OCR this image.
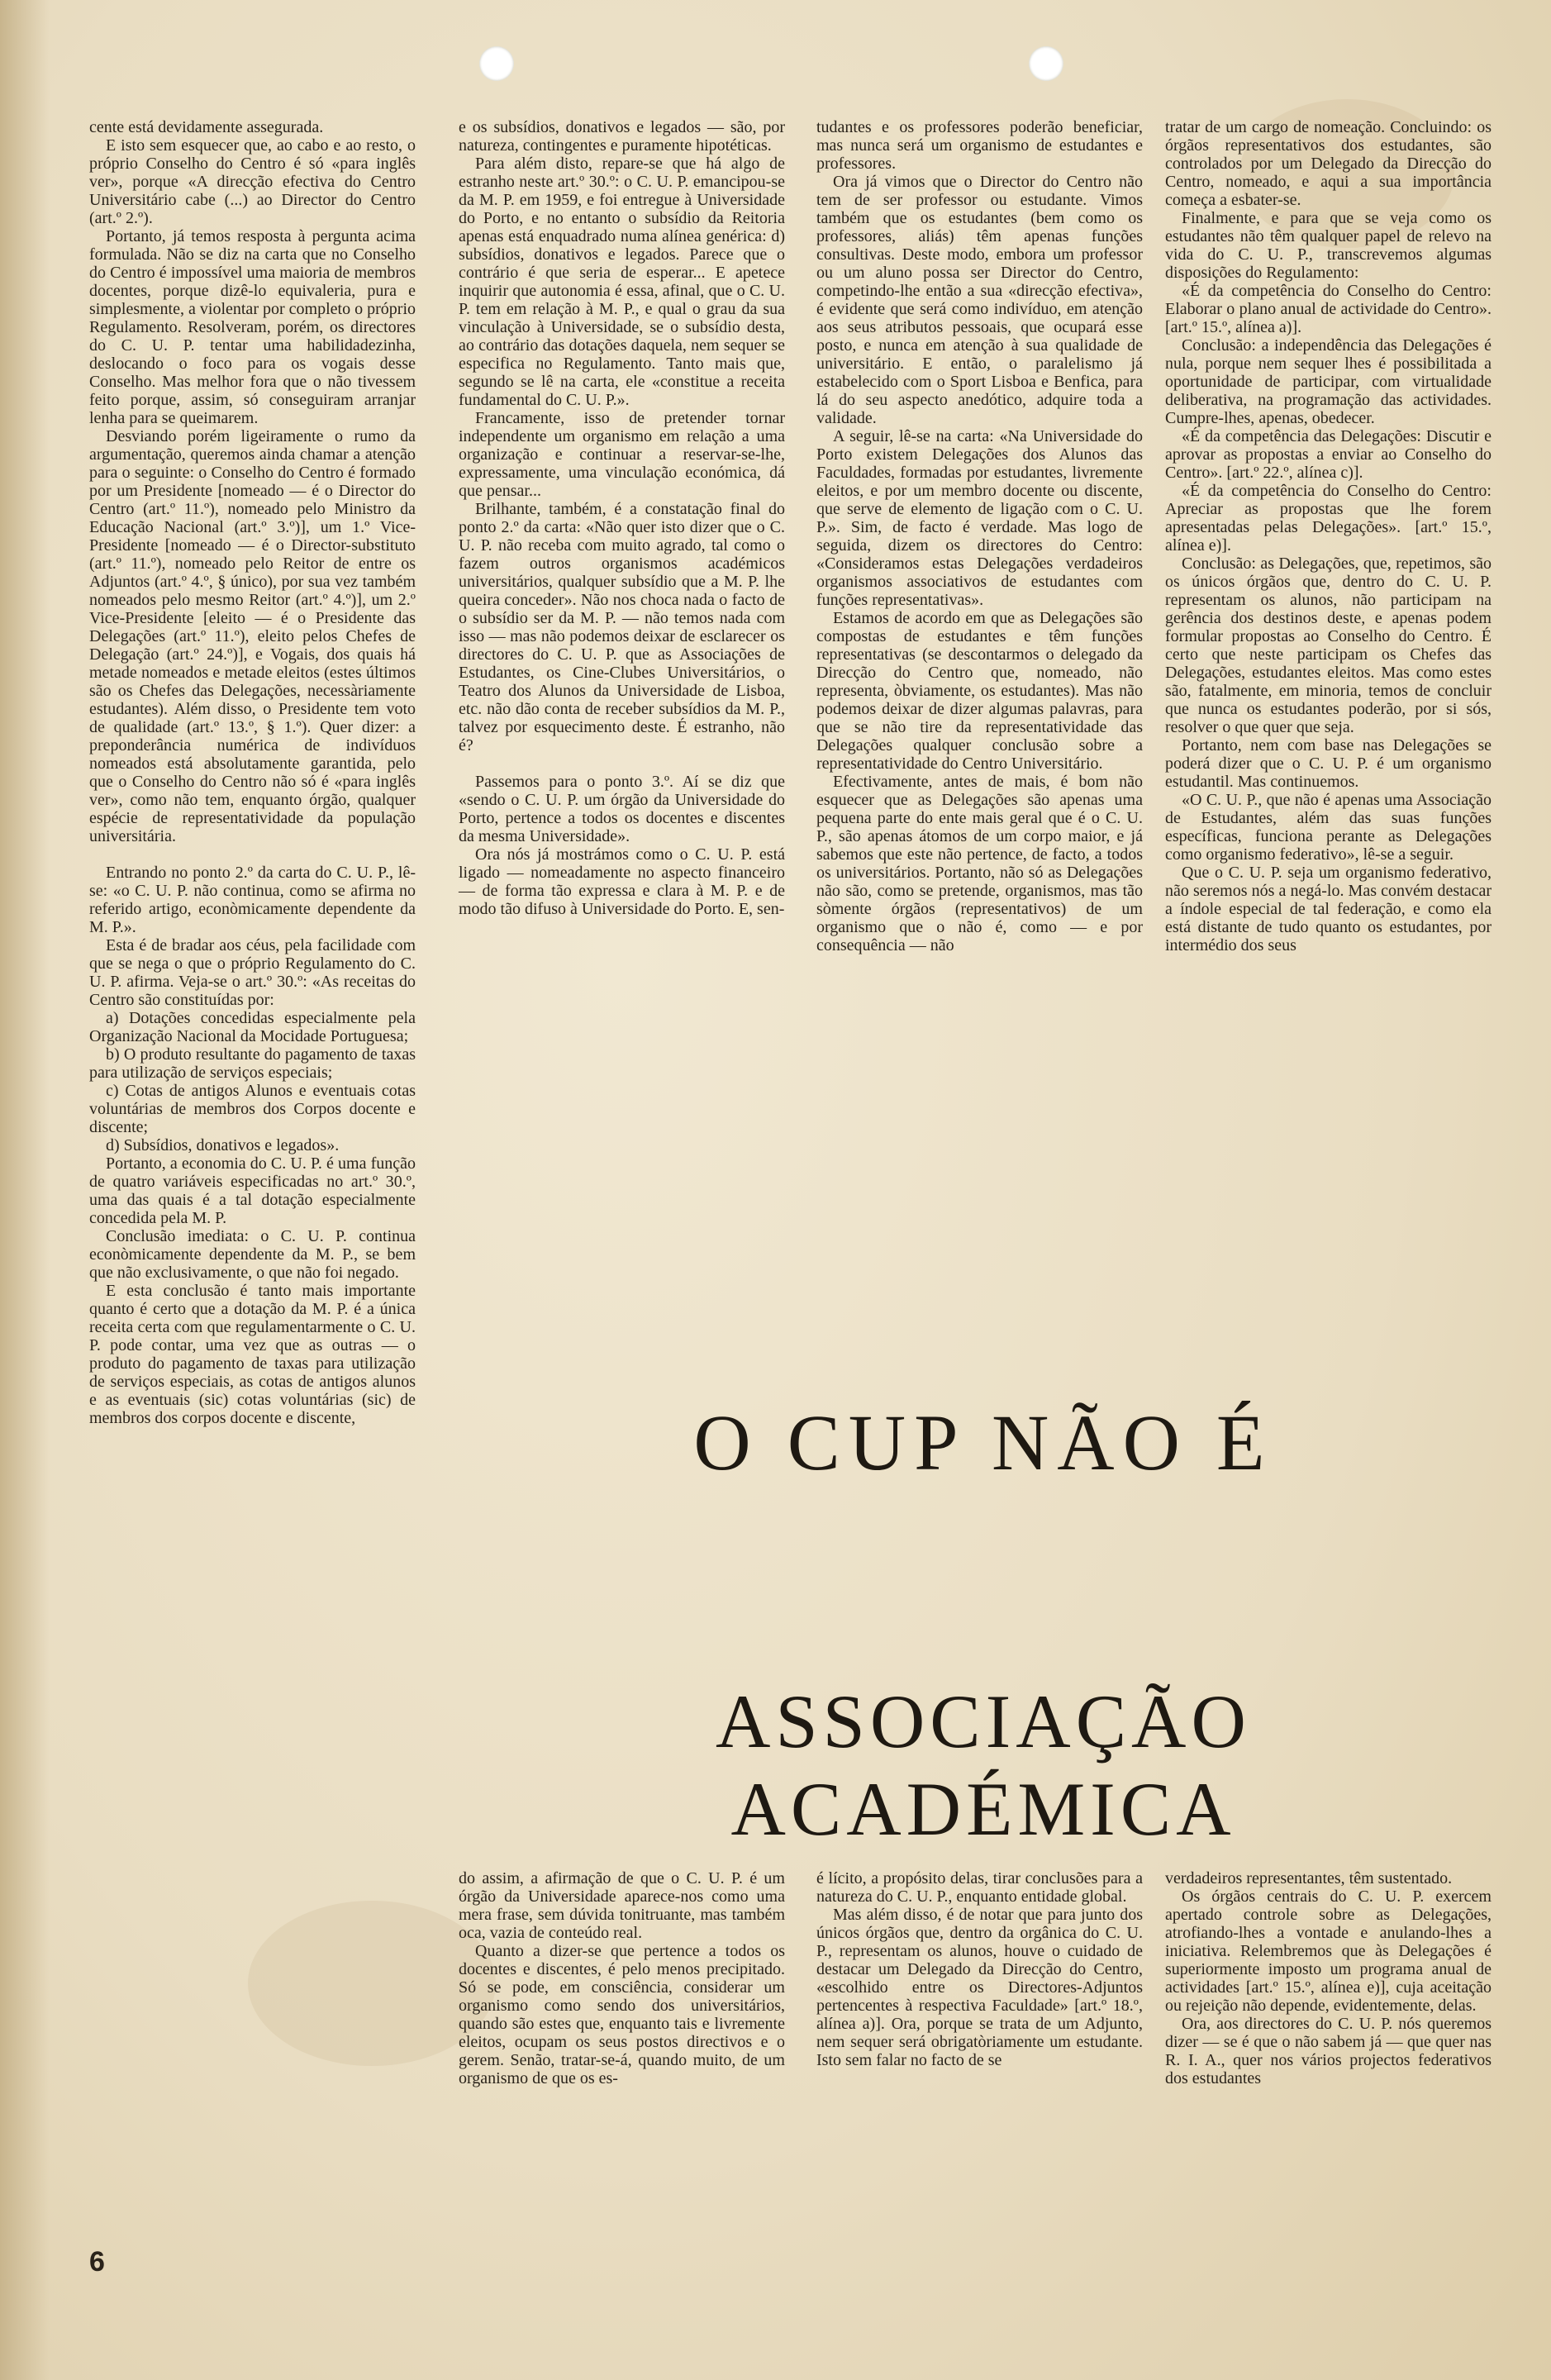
cente está devidamente assegurada.

E isto sem esquecer que, ao cabo e ao resto, o próprio Conselho do Centro é só «para inglês ver», porque «A direcção efectiva do Centro Universitário cabe (...) ao Director do Centro (art.º 2.º).

Portanto, já temos resposta à pergunta acima formulada. Não se diz na carta que no Conselho do Centro é impossível uma maioria de membros docentes, porque dizê-lo equivaleria, pura e simplesmente, a violentar por completo o próprio Regulamento. Resolveram, porém, os directores do C. U. P. tentar uma habilidadezinha, deslocando o foco para os vogais desse Conselho. Mas melhor fora que o não tivessem feito porque, assim, só conseguiram arranjar lenha para se queimarem.

Desviando porém ligeiramente o rumo da argumentação, queremos ainda chamar a atenção para o seguinte: o Conselho do Centro é formado por um Presidente [nomeado — é o Director do Centro (art.º 11.º), nomeado pelo Ministro da Educação Nacional (art.º 3.º)], um 1.º Vice-Presidente [nomeado — é o Director-substituto (art.º 11.º), nomeado pelo Reitor de entre os Adjuntos (art.º 4.º, § único), por sua vez também nomeados pelo mesmo Reitor (art.º 4.º)], um 2.º Vice-Presidente [eleito — é o Presidente das Delegações (art.º 11.º), eleito pelos Chefes de Delegação (art.º 24.º)], e Vogais, dos quais há metade nomeados e metade eleitos (estes últimos são os Chefes das Delegações, necessàriamente estudantes). Além disso, o Presidente tem voto de qualidade (art.º 13.º, § 1.º). Quer dizer: a preponderância numérica de indivíduos nomeados está absolutamente garantida, pelo que o Conselho do Centro não só é «para inglês ver», como não tem, enquanto órgão, qualquer espécie de representatividade da população universitária.

Entrando no ponto 2.º da carta do C. U. P., lê-se: «o C. U. P. não continua, como se afirma no referido artigo, econòmicamente dependente da M. P.».

Esta é de bradar aos céus, pela facilidade com que se nega o que o próprio Regulamento do C. U. P. afirma. Veja-se o art.º 30.º: «As receitas do Centro são constituídas por:

a) Dotações concedidas especialmente pela Organização Nacional da Mocidade Portuguesa;

b) O produto resultante do pagamento de taxas para utilização de serviços especiais;

c) Cotas de antigos Alunos e eventuais cotas voluntárias de membros dos Corpos docente e discente;

d) Subsídios, donativos e legados».

Portanto, a economia do C. U. P. é uma função de quatro variáveis especificadas no art.º 30.º, uma das quais é a tal dotação especialmente concedida pela M. P.

Conclusão imediata: o C. U. P. continua econòmicamente dependente da M. P., se bem que não exclusivamente, o que não foi negado.

E esta conclusão é tanto mais importante quanto é certo que a dotação da M. P. é a única receita certa com que regulamentarmente o C. U. P. pode contar, uma vez que as outras — o produto do pagamento de taxas para utilização de serviços especiais, as cotas de antigos alunos e as eventuais (sic) cotas voluntárias (sic) de membros dos corpos docente e discente,

e os subsídios, donativos e legados — são, por natureza, contingentes e puramente hipotéticas.

Para além disto, repare-se que há algo de estranho neste art.º 30.º: o C. U. P. emancipou-se da M. P. em 1959, e foi entregue à Universidade do Porto, e no entanto o subsídio da Reitoria apenas está enquadrado numa alínea genérica: d) subsídios, donativos e legados. Parece que o contrário é que seria de esperar... E apetece inquirir que autonomia é essa, afinal, que o C. U. P. tem em relação à M. P., e qual o grau da sua vinculação à Universidade, se o subsídio desta, ao contrário das dotações daquela, nem sequer se especifica no Regulamento. Tanto mais que, segundo se lê na carta, ele «constitue a receita fundamental do C. U. P.».

Francamente, isso de pretender tornar independente um organismo em relação a uma organização e continuar a reservar-se-lhe, expressamente, uma vinculação económica, dá que pensar...

Brilhante, também, é a constatação final do ponto 2.º da carta: «Não quer isto dizer que o C. U. P. não receba com muito agrado, tal como o fazem outros organismos académicos universitários, qualquer subsídio que a M. P. lhe queira conceder». Não nos choca nada o facto de o subsídio ser da M. P. — não temos nada com isso — mas não podemos deixar de esclarecer os directores do C. U. P. que as Associações de Estudantes, os Cine-Clubes Universitários, o Teatro dos Alunos da Universidade de Lisboa, etc. não dão conta de receber subsídios da M. P., talvez por esquecimento deste. É estranho, não é?

Passemos para o ponto 3.º. Aí se diz que «sendo o C. U. P. um órgão da Universidade do Porto, pertence a todos os docentes e discentes da mesma Universidade».

Ora nós já mostrámos como o C. U. P. está ligado — nomeadamente no aspecto financeiro — de forma tão expressa e clara à M. P. e de modo tão difuso à Universidade do Porto. E, sen-

tudantes e os professores poderão beneficiar, mas nunca será um organismo de estudantes e professores.

Ora já vimos que o Director do Centro não tem de ser professor ou estudante. Vimos também que os estudantes (bem como os professores, aliás) têm apenas funções consultivas. Deste modo, embora um professor ou um aluno possa ser Director do Centro, competindo-lhe então a sua «direcção efectiva», é evidente que será como indivíduo, em atenção aos seus atributos pessoais, que ocupará esse posto, e nunca em atenção à sua qualidade de universitário. E então, o paralelismo já estabelecido com o Sport Lisboa e Benfica, para lá do seu aspecto anedótico, adquire toda a validade.

A seguir, lê-se na carta: «Na Universidade do Porto existem Delegações dos Alunos das Faculdades, formadas por estudantes, livremente eleitos, e por um membro docente ou discente, que serve de elemento de ligação com o C. U. P.». Sim, de facto é verdade. Mas logo de seguida, dizem os directores do Centro: «Consideramos estas Delegações verdadeiros organismos associativos de estudantes com funções representativas».

Estamos de acordo em que as Delegações são compostas de estudantes e têm funções representativas (se descontarmos o delegado da Direcção do Centro que, nomeado, não representa, òbviamente, os estudantes). Mas não podemos deixar de dizer algumas palavras, para que se não tire da representatividade das Delegações qualquer conclusão sobre a representatividade do Centro Universitário.

Efectivamente, antes de mais, é bom não esquecer que as Delegações são apenas uma pequena parte do ente mais geral que é o C. U. P., são apenas átomos de um corpo maior, e já sabemos que este não pertence, de facto, a todos os universitários. Portanto, não só as Delegações não são, como se pretende, organismos, mas tão sòmente órgãos (representativos) de um organismo que o não é, como — e por consequência — não

tratar de um cargo de nomeação. Concluindo: os órgãos representativos dos estudantes, são controlados por um Delegado da Direcção do Centro, nomeado, e aqui a sua importância começa a esbater-se.

Finalmente, e para que se veja como os estudantes não têm qualquer papel de relevo na vida do C. U. P., transcrevemos algumas disposições do Regulamento:

«É da competência do Conselho do Centro: Elaborar o plano anual de actividade do Centro». [art.º 15.º, alínea a)].

Conclusão: a independência das Delegações é nula, porque nem sequer lhes é possibilitada a oportunidade de participar, com virtualidade deliberativa, na programação das actividades. Cumpre-lhes, apenas, obedecer.

«É da competência das Delegações: Discutir e aprovar as propostas a enviar ao Conselho do Centro». [art.º 22.º, alínea c)].

«É da competência do Conselho do Centro: Apreciar as propostas que lhe forem apresentadas pelas Delegações». [art.º 15.º, alínea e)].

Conclusão: as Delegações, que, repetimos, são os únicos órgãos que, dentro do C. U. P. representam os alunos, não participam na gerência dos destinos deste, e apenas podem formular propostas ao Conselho do Centro. É certo que neste participam os Chefes das Delegações, estudantes eleitos. Mas como estes são, fatalmente, em minoria, temos de concluir que nunca os estudantes poderão, por si sós, resolver o que quer que seja.

Portanto, nem com base nas Delegações se poderá dizer que o C. U. P. é um organismo estudantil. Mas continuemos.

«O C. U. P., que não é apenas uma Associação de Estudantes, além das suas funções específicas, funciona perante as Delegações como organismo federativo», lê-se a seguir.

Que o C. U. P. seja um organismo federativo, não seremos nós a negá-lo. Mas convém destacar a índole especial de tal federação, e como ela está distante de tudo quanto os estudantes, por intermédio dos seus

O CUP NÃO É
ASSOCIAÇÃO ACADÉMICA

do assim, a afirmação de que o C. U. P. é um órgão da Universidade aparece-nos como uma mera frase, sem dúvida tonitruante, mas também oca, vazia de conteúdo real.

Quanto a dizer-se que pertence a todos os docentes e discentes, é pelo menos precipitado. Só se pode, em consciência, considerar um organismo como sendo dos universitários, quando são estes que, enquanto tais e livremente eleitos, ocupam os seus postos directivos e o gerem. Senão, tratar-se-á, quando muito, de um organismo de que os es-

é lícito, a propósito delas, tirar conclusões para a natureza do C. U. P., enquanto entidade global.

Mas além disso, é de notar que para junto dos únicos órgãos que, dentro da orgânica do C. U. P., representam os alunos, houve o cuidado de destacar um Delegado da Direcção do Centro, «escolhido entre os Directores-Adjuntos pertencentes à respectiva Faculdade» [art.º 18.º, alínea a)]. Ora, porque se trata de um Adjunto, nem sequer será obrigatòriamente um estudante. Isto sem falar no facto de se

verdadeiros representantes, têm sustentado.

Os órgãos centrais do C. U. P. exercem apertado controle sobre as Delegações, atrofiando-lhes a vontade e anulando-lhes a iniciativa. Relembremos que às Delegações é superiormente imposto um programa anual de actividades [art.º 15.º, alínea e)], cuja aceitação ou rejeição não depende, evidentemente, delas.

Ora, aos directores do C. U. P. nós queremos dizer — se é que o não sabem já — que quer nas R. I. A., quer nos vários projectos federativos dos estudantes

6
